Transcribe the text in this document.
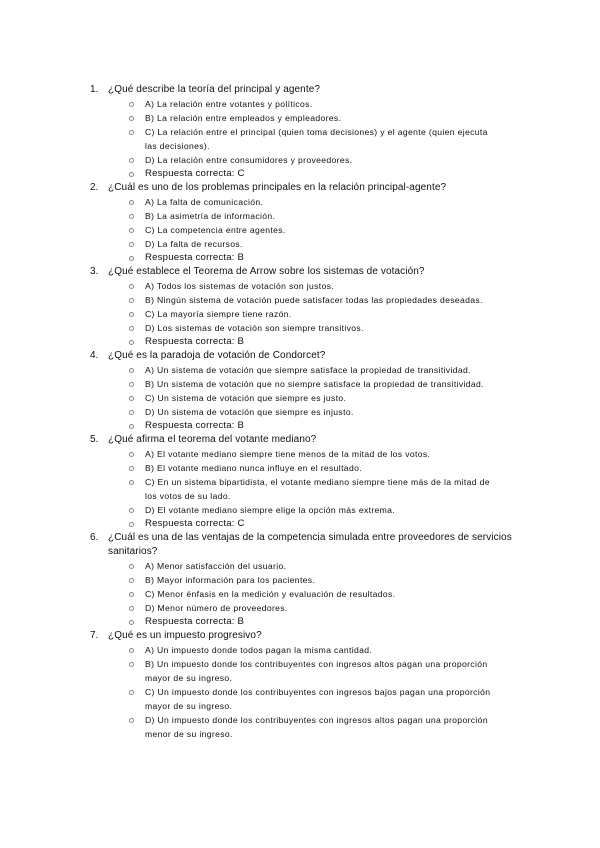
1. ¿Qué describe la teoría del principal y agente?
A) La relación entre votantes y políticos.
B) La relación entre empleados y empleadores.
C) La relación entre el principal (quien toma decisiones) y el agente (quien ejecuta las decisiones).
D) La relación entre consumidores y proveedores.
Respuesta correcta: C
2. ¿Cuál es uno de los problemas principales en la relación principal-agente?
A) La falta de comunicación.
B) La asimetría de información.
C) La competencia entre agentes.
D) La falta de recursos.
Respuesta correcta: B
3. ¿Qué establece el Teorema de Arrow sobre los sistemas de votación?
A) Todos los sistemas de votación son justos.
B) Ningún sistema de votación puede satisfacer todas las propiedades deseadas.
C) La mayoría siempre tiene razón.
D) Los sistemas de votación son siempre transitivos.
Respuesta correcta: B
4. ¿Qué es la paradoja de votación de Condorcet?
A) Un sistema de votación que siempre satisface la propiedad de transitividad.
B) Un sistema de votación que no siempre satisface la propiedad de transitividad.
C) Un sistema de votación que siempre es justo.
D) Un sistema de votación que siempre es injusto.
Respuesta correcta: B
5. ¿Qué afirma el teorema del votante mediano?
A) El votante mediano siempre tiene menos de la mitad de los votos.
B) El votante mediano nunca influye en el resultado.
C) En un sistema bipartidista, el votante mediano siempre tiene más de la mitad de los votos de su lado.
D) El votante mediano siempre elige la opción más extrema.
Respuesta correcta: C
6. ¿Cuál es una de las ventajas de la competencia simulada entre proveedores de servicios sanitarios?
A) Menor satisfacción del usuario.
B) Mayor información para los pacientes.
C) Menor énfasis en la medición y evaluación de resultados.
D) Menor número de proveedores.
Respuesta correcta: B
7. ¿Qué es un impuesto progresivo?
A) Un impuesto donde todos pagan la misma cantidad.
B) Un impuesto donde los contribuyentes con ingresos altos pagan una proporción mayor de su ingreso.
C) Un impuesto donde los contribuyentes con ingresos bajos pagan una proporción mayor de su ingreso.
D) Un impuesto donde los contribuyentes con ingresos altos pagan una proporción menor de su ingreso.
